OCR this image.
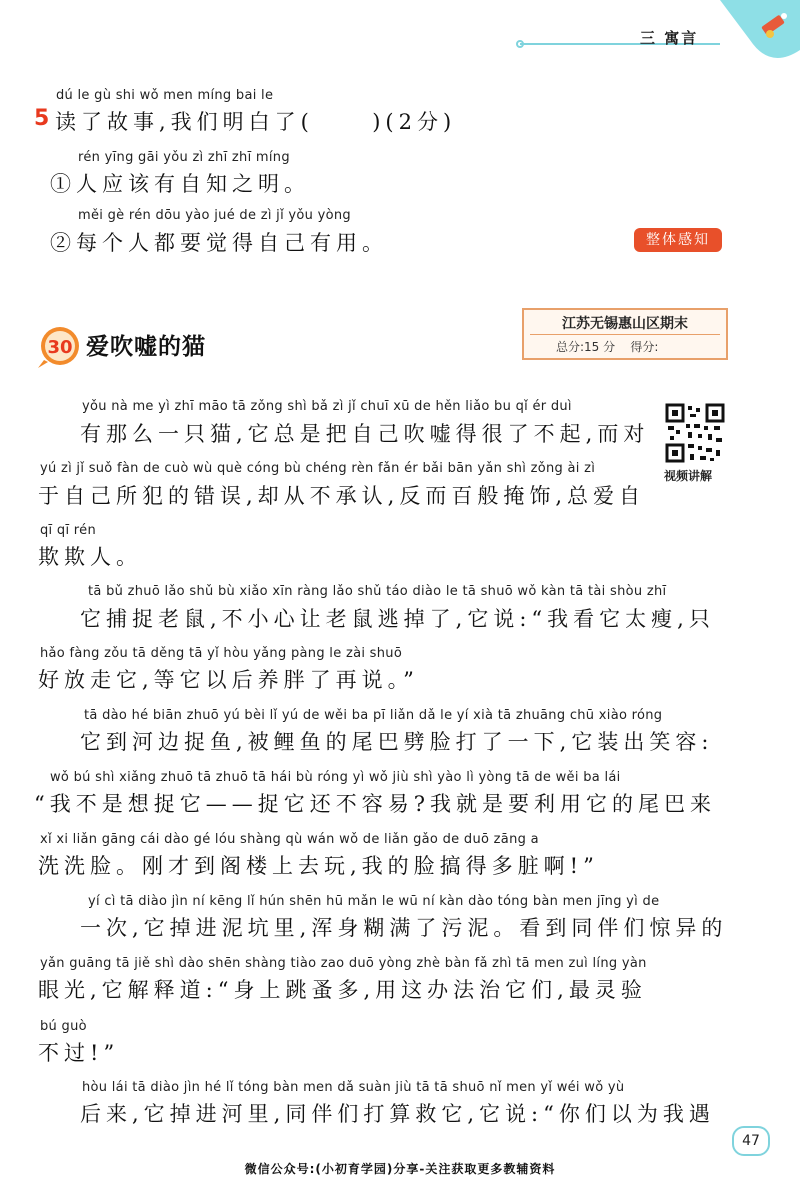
三 寓言
dú le gù shi wǒ men míng bai le
5 读了故事,我们明白了(     )(2分)
rén yīng gāi yǒu zì zhī zhī míng
①人应该有自知之明。
měi gè rén dōu yào jué de zì jǐ yǒu yòng
②每个人都要觉得自己有用。	整体感知
30 爱吹嘘的猫
江苏无锡惠山区期末
总分:15 分    得分:
视频讲解
yǒu nà me yì zhī māo tā zǒng shì bǎ zì jǐ chuī xū de hěn liǎo bu qǐ ér duì
有那么一只猫,它总是把自己吹嘘得很了不起,而对
yú zì jǐ suǒ fàn de cuò wù què cóng bù chéng rèn fǎn ér bǎi bān yǎn shì zǒng ài zì
于自己所犯的错误,却从不承认,反而百般掩饰,总爱自
qī qī rén
欺欺人。
tā bǔ zhuō lǎo shǔ bù xiǎo xīn ràng lǎo shǔ táo diào le tā shuō wǒ kàn tā tài shòu zhī
它捕捉老鼠,不小心让老鼠逃掉了,它说:“我看它太瘦,只
hǎo fàng zǒu tā děng tā yǐ hòu yǎng pàng le zài shuō
好放走它,等它以后养胖了再说。”
tā dào hé biān zhuō yú bèi lǐ yú de wěi ba pī liǎn dǎ le yí xià tā zhuāng chū xiào róng
它到河边捉鱼,被鲤鱼的尾巴劈脸打了一下,它装出笑容:
wǒ bú shì xiǎng zhuō tā zhuō tā hái bù róng yì wǒ jiù shì yào lì yòng tā de wěi ba lái
“我不是想捉它——捉它还不容易?我就是要利用它的尾巴来
xǐ xi liǎn gāng cái dào gé lóu shàng qù wán wǒ de liǎn gǎo de duō zāng a
洗洗脸。刚才到阁楼上去玩,我的脸搞得多脏啊!”
yí cì tā diào jìn ní kēng lǐ hún shēn hū mǎn le wū ní kàn dào tóng bàn men jīng yì de
一次,它掉进泥坑里,浑身糊满了污泥。看到同伴们惊异的
yǎn guāng tā jiě shì dào shēn shàng tiào zao duō yòng zhè bàn fǎ zhì tā men zuì líng yàn
眼光,它解释道:“身上跳蚤多,用这办法治它们,最灵验
bú guò
不过!”
hòu lái tā diào jìn hé lǐ tóng bàn men dǎ suàn jiù tā tā shuō nǐ men yǐ wéi wǒ yù
后来,它掉进河里,同伴们打算救它,它说:“你们以为我遇
47
微信公众号:(小初育学园)分享-关注获取更多教辅资料
